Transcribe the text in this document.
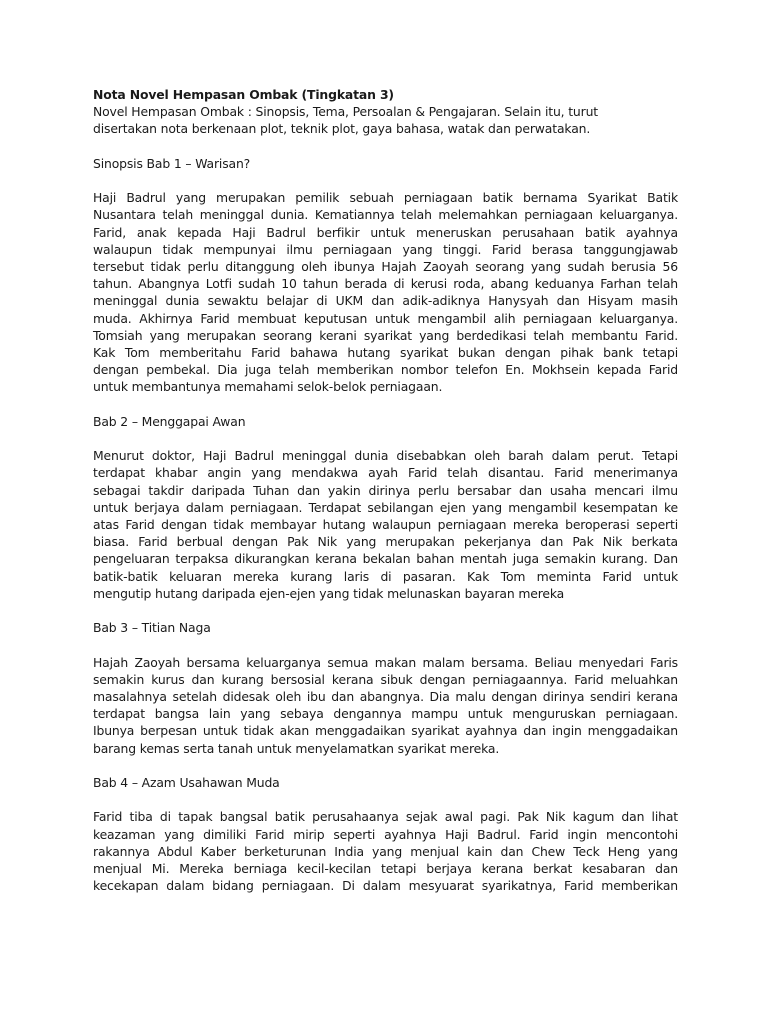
Nota Novel Hempasan Ombak (Tingkatan 3)
Novel Hempasan Ombak : Sinopsis, Tema, Persoalan & Pengajaran. Selain itu, turut
disertakan nota berkenaan plot, teknik plot, gaya bahasa, watak dan perwatakan.
Sinopsis Bab 1 – Warisan?
Haji Badrul yang merupakan pemilik sebuah perniagaan batik bernama Syarikat Batik
Nusantara telah meninggal dunia. Kematiannya telah melemahkan perniagaan keluarganya.
Farid, anak kepada Haji Badrul berfikir untuk meneruskan perusahaan batik ayahnya
walaupun tidak mempunyai ilmu perniagaan yang tinggi. Farid berasa tanggungjawab
tersebut tidak perlu ditanggung oleh ibunya Hajah Zaoyah seorang yang sudah berusia 56
tahun. Abangnya Lotfi sudah 10 tahun berada di kerusi roda, abang keduanya Farhan telah
meninggal dunia sewaktu belajar di UKM dan adik-adiknya Hanysyah dan Hisyam masih
muda. Akhirnya Farid membuat keputusan untuk mengambil alih perniagaan keluarganya.
Tomsiah yang merupakan seorang kerani syarikat yang berdedikasi telah membantu Farid.
Kak Tom memberitahu Farid bahawa hutang syarikat bukan dengan pihak bank tetapi
dengan pembekal. Dia juga telah memberikan nombor telefon En. Mokhsein kepada Farid
untuk membantunya memahami selok-belok perniagaan.
Bab 2 – Menggapai Awan
Menurut doktor, Haji Badrul meninggal dunia disebabkan oleh barah dalam perut. Tetapi
terdapat khabar angin yang mendakwa ayah Farid telah disantau. Farid menerimanya
sebagai takdir daripada Tuhan dan yakin dirinya perlu bersabar dan usaha mencari ilmu
untuk berjaya dalam perniagaan. Terdapat sebilangan ejen yang mengambil kesempatan ke
atas Farid dengan tidak membayar hutang walaupun perniagaan mereka beroperasi seperti
biasa. Farid berbual dengan Pak Nik yang merupakan pekerjanya dan Pak Nik berkata
pengeluaran terpaksa dikurangkan kerana bekalan bahan mentah juga semakin kurang. Dan
batik-batik keluaran mereka kurang laris di pasaran. Kak Tom meminta Farid untuk
mengutip hutang daripada ejen-ejen yang tidak melunaskan bayaran mereka
Bab 3 – Titian Naga
Hajah Zaoyah bersama keluarganya semua makan malam bersama. Beliau menyedari Faris
semakin kurus dan kurang bersosial kerana sibuk dengan perniagaannya. Farid meluahkan
masalahnya setelah didesak oleh ibu dan abangnya. Dia malu dengan dirinya sendiri kerana
terdapat bangsa lain yang sebaya dengannya mampu untuk menguruskan perniagaan.
Ibunya berpesan untuk tidak akan menggadaikan syarikat ayahnya dan ingin menggadaikan
barang kemas serta tanah untuk menyelamatkan syarikat mereka.
Bab 4 – Azam Usahawan Muda
Farid tiba di tapak bangsal batik perusahaanya sejak awal pagi. Pak Nik kagum dan lihat
keazaman yang dimiliki Farid mirip seperti ayahnya Haji Badrul. Farid ingin mencontohi
rakannya Abdul Kaber berketurunan India yang menjual kain dan Chew Teck Heng yang
menjual Mi. Mereka berniaga kecil-kecilan tetapi berjaya kerana berkat kesabaran dan
kecekapan dalam bidang perniagaan. Di dalam mesyuarat syarikatnya, Farid memberikan
